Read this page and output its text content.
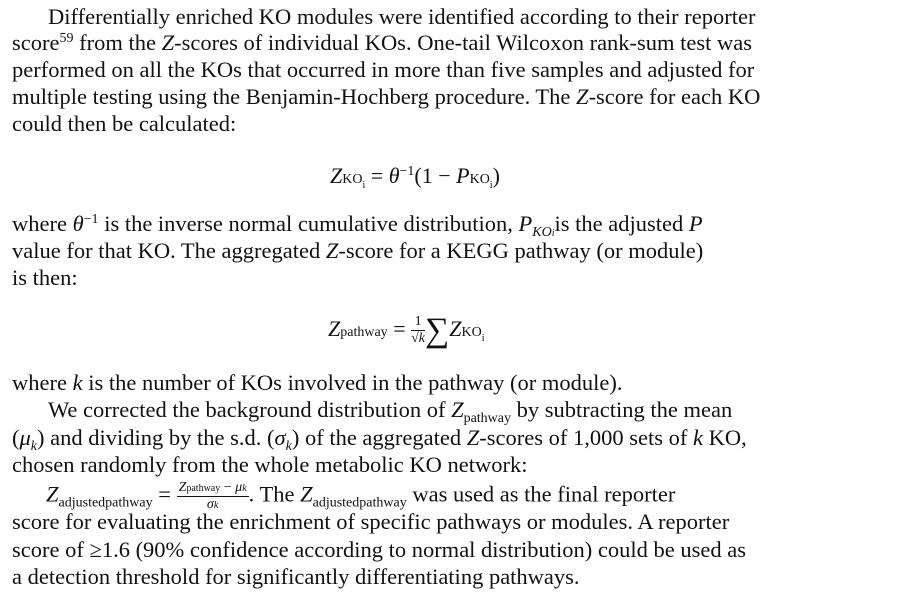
Differentially enriched KO modules were identified according to their reporter
score$^{59}$ from the Z-scores of individual KOs. One-tail Wilcoxon rank-sum test was
performed on all the KOs that occurred in more than five samples and adjusted for
multiple testing using the Benjamin-Hochberg procedure. The Z-score for each KO
could then be calculated:
$ZKO_i = \theta^{-1}(1 - PKO_i)$
where $\theta^{-1}$ is the inverse normal cumulative distribution, $P_{KOi}is$ the adjusted P
value for that KO. The aggregated Z-score for a KEGG pathway (or module)
is then:
Zpathway = $\frac{1}{√k} \sum ZKO_i$
where k is the number of KOs involved in the pathway (or module).
We corrected the background distribution of $Z_{pathway}$ by subtracting the mean
$(\mu_k)$ and dividing by the s.d. $(\sigma_k)$ of the aggregated Z-scores of 1,000 sets of k KO,
chosen randomly from the whole metabolic KO network:
$Z_{adjustedpathway} = \frac{\text{Zpathway − μk}}{\sigma k}$ . The $Z_{adjustedpathway}$ was used as the final reporter
score for evaluating the enrichment of specific pathways or modules. A reporter
score of ≥1.6 (90% confidence according to normal distribution) could be used as
a detection threshold for significantly differentiating pathways.
